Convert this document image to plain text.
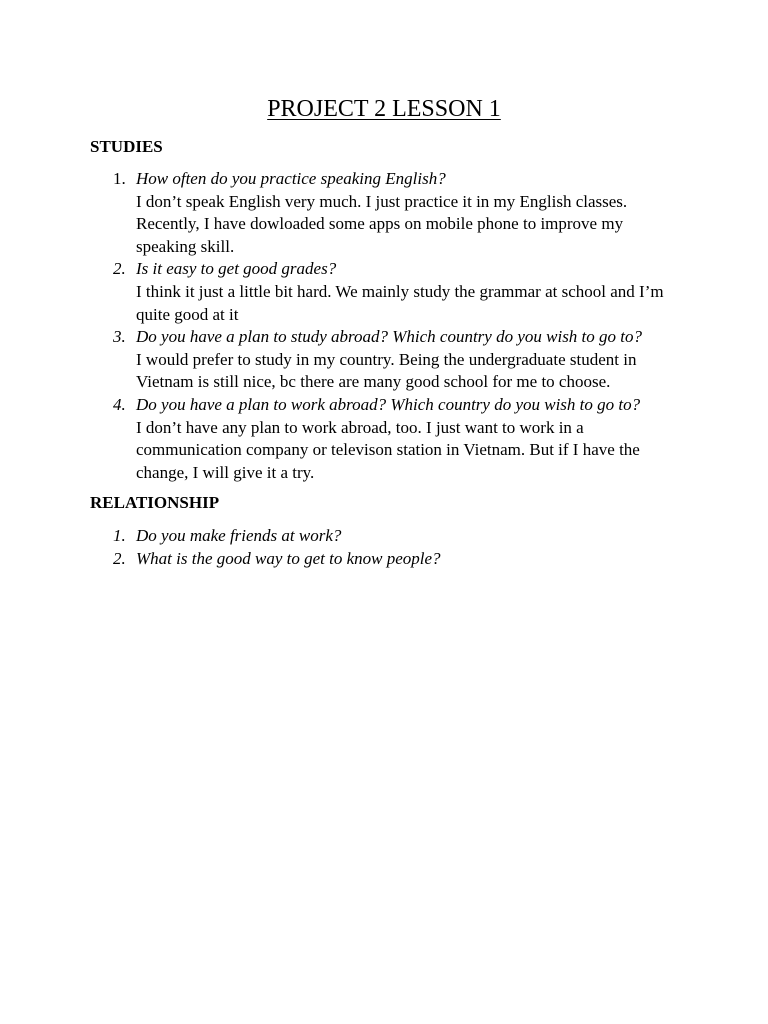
PROJECT 2 LESSON 1
STUDIES
1. How often do you practice speaking English?
I don’t speak English very much. I just practice it in my English classes. Recently, I have dowloaded some apps on mobile phone to improve my speaking skill.
2. Is it easy to get good grades?
I think it just a little bit hard. We mainly study the grammar at school and I’m quite good at it
3. Do you have a plan to study abroad? Which country do you wish to go to?
I would prefer to study in my country. Being the undergraduate student in Vietnam is still nice, bc there are many good school for me to choose.
4. Do you have a plan to work abroad? Which country do you wish to go to?
I don’t have any plan to work abroad, too. I just want to work in a communication company or televison station in Vietnam. But if I have the change, I will give it a try.
RELATIONSHIP
1. Do you make friends at work?
2. What is the good way to get to know people?
